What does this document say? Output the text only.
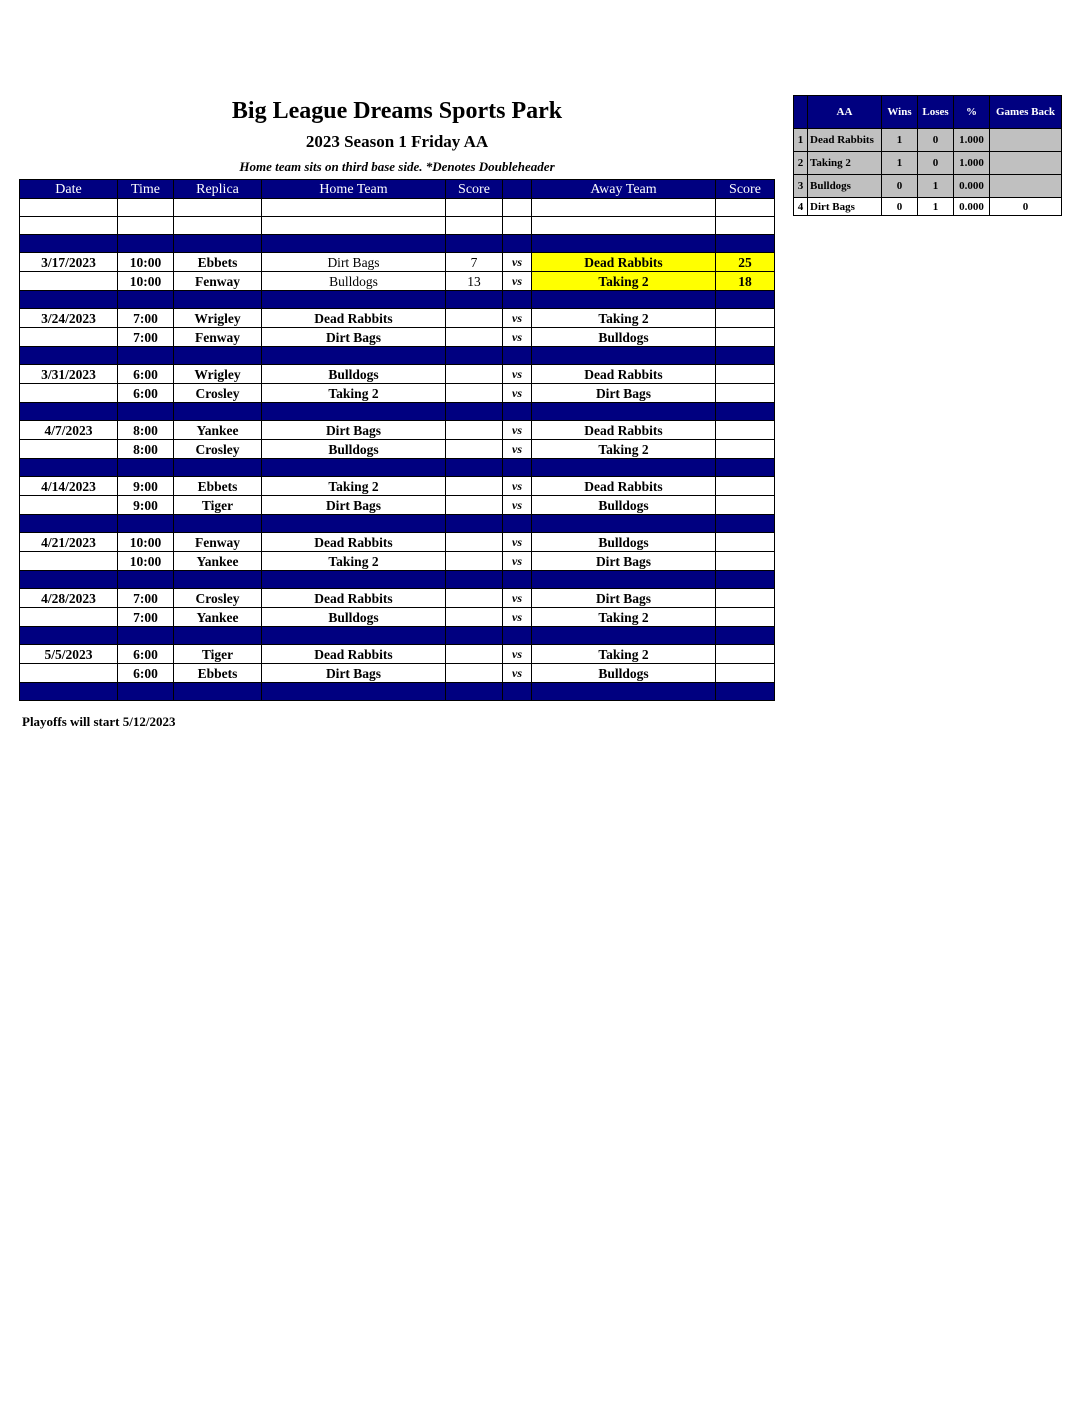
Big League Dreams Sports Park
2023 Season 1 Friday AA
Home team sits on third base side. *Denotes Doubleheader
Date	Time	Replica	Home Team	Score		Away Team	Score

3/17/2023	10:00	Ebbets	Dirt Bags	7	vs	Dead Rabbits	25
	10:00	Fenway	Bulldogs	13	vs	Taking 2	18

3/24/2023	7:00	Wrigley	Dead Rabbits		vs	Taking 2	
	7:00	Fenway	Dirt Bags		vs	Bulldogs	

3/31/2023	6:00	Wrigley	Bulldogs		vs	Dead Rabbits	
	6:00	Crosley	Taking 2		vs	Dirt Bags	

4/7/2023	8:00	Yankee	Dirt Bags		vs	Dead Rabbits	
	8:00	Crosley	Bulldogs		vs	Taking 2	

4/14/2023	9:00	Ebbets	Taking 2		vs	Dead Rabbits	
	9:00	Tiger	Dirt Bags		vs	Bulldogs	

4/21/2023	10:00	Fenway	Dead Rabbits		vs	Bulldogs	
	10:00	Yankee	Taking 2		vs	Dirt Bags	

4/28/2023	7:00	Crosley	Dead Rabbits		vs	Dirt Bags	
	7:00	Yankee	Bulldogs		vs	Taking 2	

5/5/2023	6:00	Tiger	Dead Rabbits		vs	Taking 2	
	6:00	Ebbets	Dirt Bags		vs	Bulldogs	

Playoffs will start 5/12/2023
	AA	Wins	Loses	%	Games Back
1	Dead Rabbits	1	0	1.000	
2	Taking 2	1	0	1.000	
3	Bulldogs	0	1	0.000	
4	Dirt Bags	0	1	0.000	0
